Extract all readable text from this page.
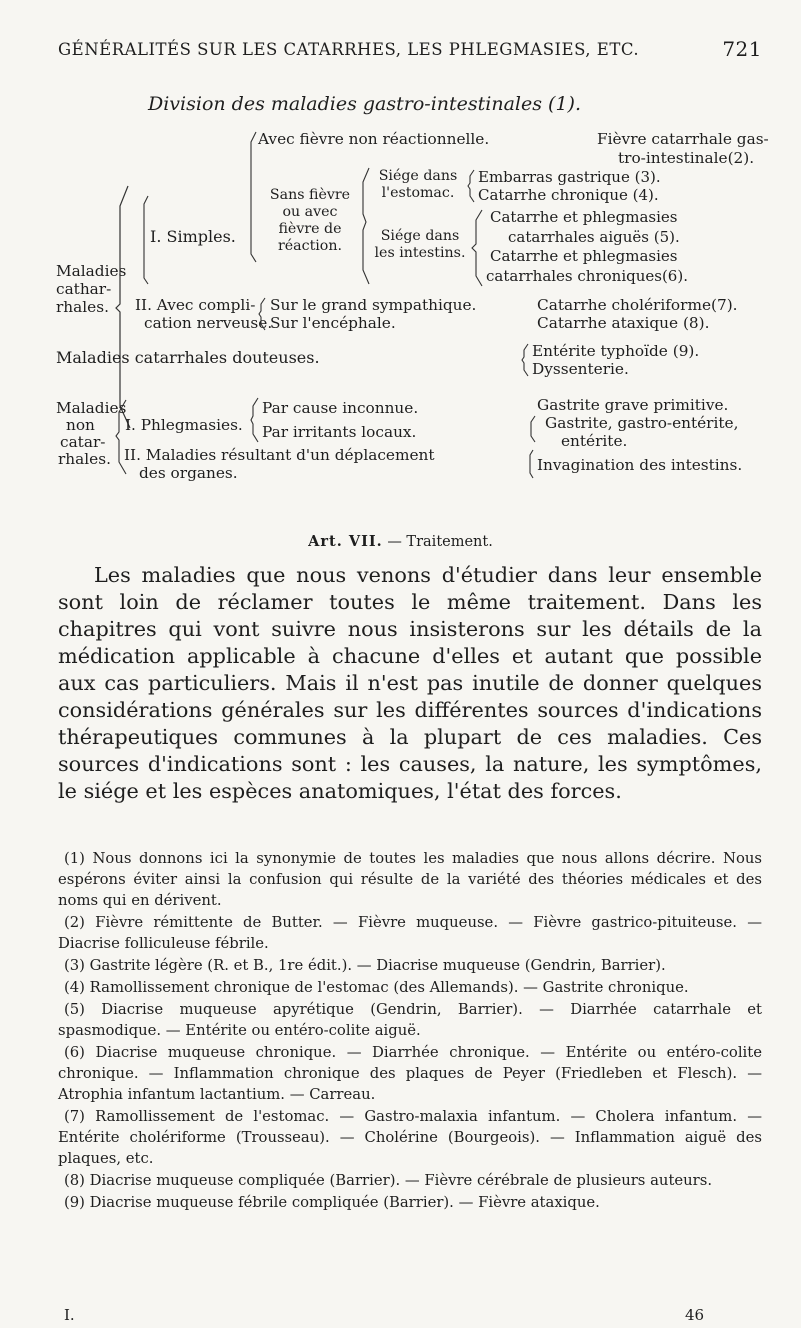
GÉNÉRALITÉS SUR LES CATARRHES, LES PHLEGMASIES, ETC.	721
Division des maladies gastro-intestinales (1).
Maladies
cathar-
rhales.
I. Simples.
Avec fièvre non réactionnelle.	Fièvre catarrhale gas-
tro-intestinale(2).
Sans fièvre
ou avec
fièvre de
réaction.
Siége dans
l'estomac.
Embarras gastrique (3).
Catarrhe chronique (4).
Siége dans
les intestins.
Catarrhe et phlegmasies
catarrhales aiguës (5).
Catarrhe et phlegmasies
catarrhales chroniques(6).
II. Avec compli-
cation nerveuse.
Sur le grand sympathique.
Sur l'encéphale.
Catarrhe cholériforme(7).
Catarrhe ataxique (8).
Maladies catarrhales douteuses.	Entérite typhoïde (9).
Dyssenterie.
Maladies
non
catar-
rhales.
I. Phlegmasies.
Par cause inconnue.
Par irritants locaux.
Gastrite grave primitive.
Gastrite, gastro-entérite,
entérite.
II. Maladies résultant d'un déplacement
des organes.	Invagination des intestins.
Art. VII. — Traitement.
Les maladies que nous venons d'étudier dans leur ensemble sont loin de réclamer toutes le même traitement. Dans les chapitres qui vont suivre nous insisterons sur les détails de la médication applicable à chacune d'elles et autant que possible aux cas particuliers. Mais il n'est pas inutile de donner quelques considérations générales sur les différentes sources d'indications thérapeutiques communes à la plupart de ces maladies. Ces sources d'indications sont : les causes, la nature, les symptômes, le siége et les espèces anatomiques, l'état des forces.

(1) Nous donnons ici la synonymie de toutes les maladies que nous allons décrire. Nous espérons éviter ainsi la confusion qui résulte de la variété des théories médicales et des noms qui en dérivent.

(2) Fièvre rémittente de Butter. — Fièvre muqueuse. — Fièvre gastrico-pituiteuse. — Diacrise folliculeuse fébrile.

(3) Gastrite légère (R. et B., 1re édit.). — Diacrise muqueuse (Gendrin, Barrier).

(4) Ramollissement chronique de l'estomac (des Allemands). — Gastrite chronique.

(5) Diacrise muqueuse apyrétique (Gendrin, Barrier). — Diarrhée catarrhale et spasmodique. — Entérite ou entéro-colite aiguë.

(6) Diacrise muqueuse chronique. — Diarrhée chronique. — Entérite ou entéro-colite chronique. — Inflammation chronique des plaques de Peyer (Friedleben et Flesch). — Atrophia infantum lactantium. — Carreau.

(7) Ramollissement de l'estomac. — Gastro-malaxia infantum. — Cholera infantum. — Entérite cholériforme (Trousseau). — Cholérine (Bourgeois). — Inflammation aiguë des plaques, etc.

(8) Diacrise muqueuse compliquée (Barrier). — Fièvre cérébrale de plusieurs auteurs.

(9) Diacrise muqueuse fébrile compliquée (Barrier). — Fièvre ataxique.

I.	46
